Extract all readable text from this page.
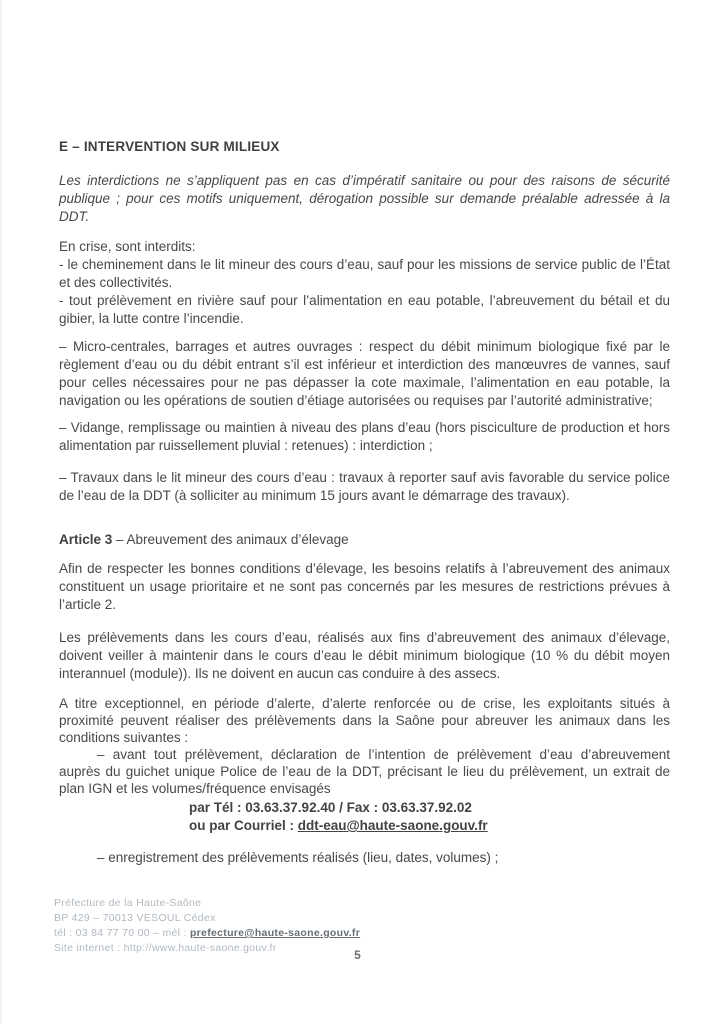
E – INTERVENTION SUR MILIEUX

Les interdictions ne s’appliquent pas en cas d’impératif sanitaire ou pour des raisons de sécurité publique ; pour ces motifs uniquement, dérogation possible sur demande préalable adressée à la DDT.

En crise, sont interdits:
- le cheminement dans le lit mineur des cours d’eau, sauf pour les missions de service public de l’État et des collectivités.
- tout prélèvement en rivière sauf pour l’alimentation en eau potable, l’abreuvement du bétail et du gibier, la lutte contre l’incendie.

– Micro-centrales, barrages et autres ouvrages : respect du débit minimum biologique fixé par le règlement d’eau ou du débit entrant s’il est inférieur et interdiction des manœuvres de vannes, sauf pour celles nécessaires pour ne pas dépasser la cote maximale, l’alimentation en eau potable, la navigation ou les opérations de soutien d’étiage autorisées ou requises par l’autorité administrative;

– Vidange, remplissage ou maintien à niveau des plans d’eau (hors pisciculture de production et hors alimentation par ruissellement pluvial : retenues) : interdiction ;

– Travaux dans le lit mineur des cours d’eau : travaux à reporter sauf avis favorable du service police de l’eau de la DDT (à solliciter au minimum 15 jours avant le démarrage des travaux).

Article 3 – Abreuvement des animaux d’élevage

Afin de respecter les bonnes conditions d’élevage, les besoins relatifs à l’abreuvement des animaux constituent un usage prioritaire et ne sont pas concernés par les mesures de restrictions prévues à l’article 2.

Les prélèvements dans les cours d’eau, réalisés aux fins d’abreuvement des animaux d’élevage, doivent veiller à maintenir dans le cours d’eau le débit minimum biologique (10 % du débit moyen interannuel (module)). Ils ne doivent en aucun cas conduire à des assecs.

A titre exceptionnel, en période d’alerte, d’alerte renforcée ou de crise, les exploitants situés à proximité peuvent réaliser des prélèvements dans la Saône pour abreuver les animaux dans les conditions suivantes :
– avant tout prélèvement, déclaration de l’intention de prélèvement d’eau d’abreuvement auprès du guichet unique Police de l’eau de la DDT, précisant le lieu du prélèvement, un extrait de plan IGN et les volumes/fréquence envisagés
par Tél : 03.63.37.92.40 / Fax : 03.63.37.92.02
ou par Courriel : ddt-eau@haute-saone.gouv.fr

– enregistrement des prélèvements réalisés (lieu, dates, volumes) ;

Préfecture de la Haute-Saône
BP 429 – 70013 VESOUL Cédex
tél : 03 84 77 70 00 – mél : prefecture@haute-saone.gouv.fr
Site internet : http://www.haute-saone.gouv.fr	5
